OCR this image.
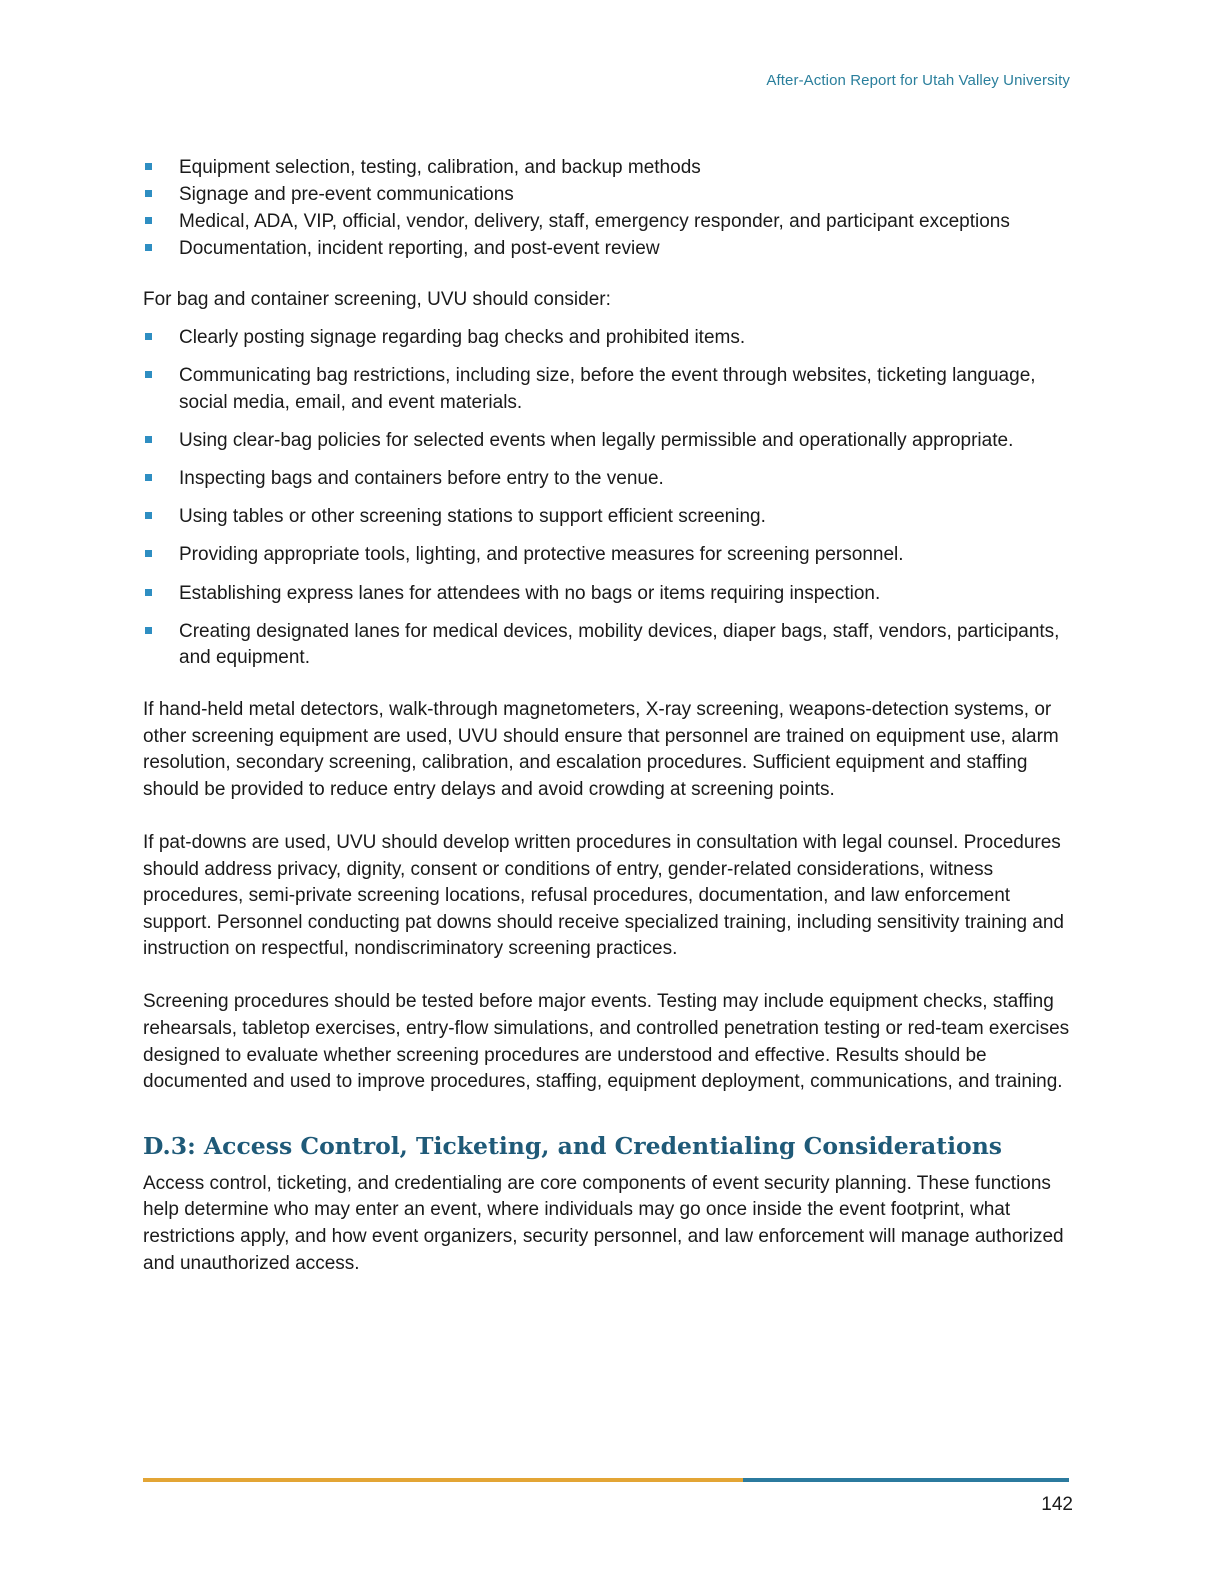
After-Action Report for Utah Valley University
Equipment selection, testing, calibration, and backup methods
Signage and pre-event communications
Medical, ADA, VIP, official, vendor, delivery, staff, emergency responder, and participant exceptions
Documentation, incident reporting, and post-event review

For bag and container screening, UVU should consider:

Clearly posting signage regarding bag checks and prohibited items.
Communicating bag restrictions, including size, before the event through websites, ticketing language, social media, email, and event materials.
Using clear-bag policies for selected events when legally permissible and operationally appropriate.
Inspecting bags and containers before entry to the venue.
Using tables or other screening stations to support efficient screening.
Providing appropriate tools, lighting, and protective measures for screening personnel.
Establishing express lanes for attendees with no bags or items requiring inspection.
Creating designated lanes for medical devices, mobility devices, diaper bags, staff, vendors, participants, and equipment.

If hand-held metal detectors, walk-through magnetometers, X-ray screening, weapons-detection systems, or other screening equipment are used, UVU should ensure that personnel are trained on equipment use, alarm resolution, secondary screening, calibration, and escalation procedures. Sufficient equipment and staffing should be provided to reduce entry delays and avoid crowding at screening points.

If pat-downs are used, UVU should develop written procedures in consultation with legal counsel. Procedures should address privacy, dignity, consent or conditions of entry, gender-related considerations, witness procedures, semi-private screening locations, refusal procedures, documentation, and law enforcement support. Personnel conducting pat downs should receive specialized training, including sensitivity training and instruction on respectful, nondiscriminatory screening practices.

Screening procedures should be tested before major events. Testing may include equipment checks, staffing rehearsals, tabletop exercises, entry-flow simulations, and controlled penetration testing or red-team exercises designed to evaluate whether screening procedures are understood and effective. Results should be documented and used to improve procedures, staffing, equipment deployment, communications, and training.

D.3: Access Control, Ticketing, and Credentialing Considerations

Access control, ticketing, and credentialing are core components of event security planning. These functions help determine who may enter an event, where individuals may go once inside the event footprint, what restrictions apply, and how event organizers, security personnel, and law enforcement will manage authorized and unauthorized access.

142
